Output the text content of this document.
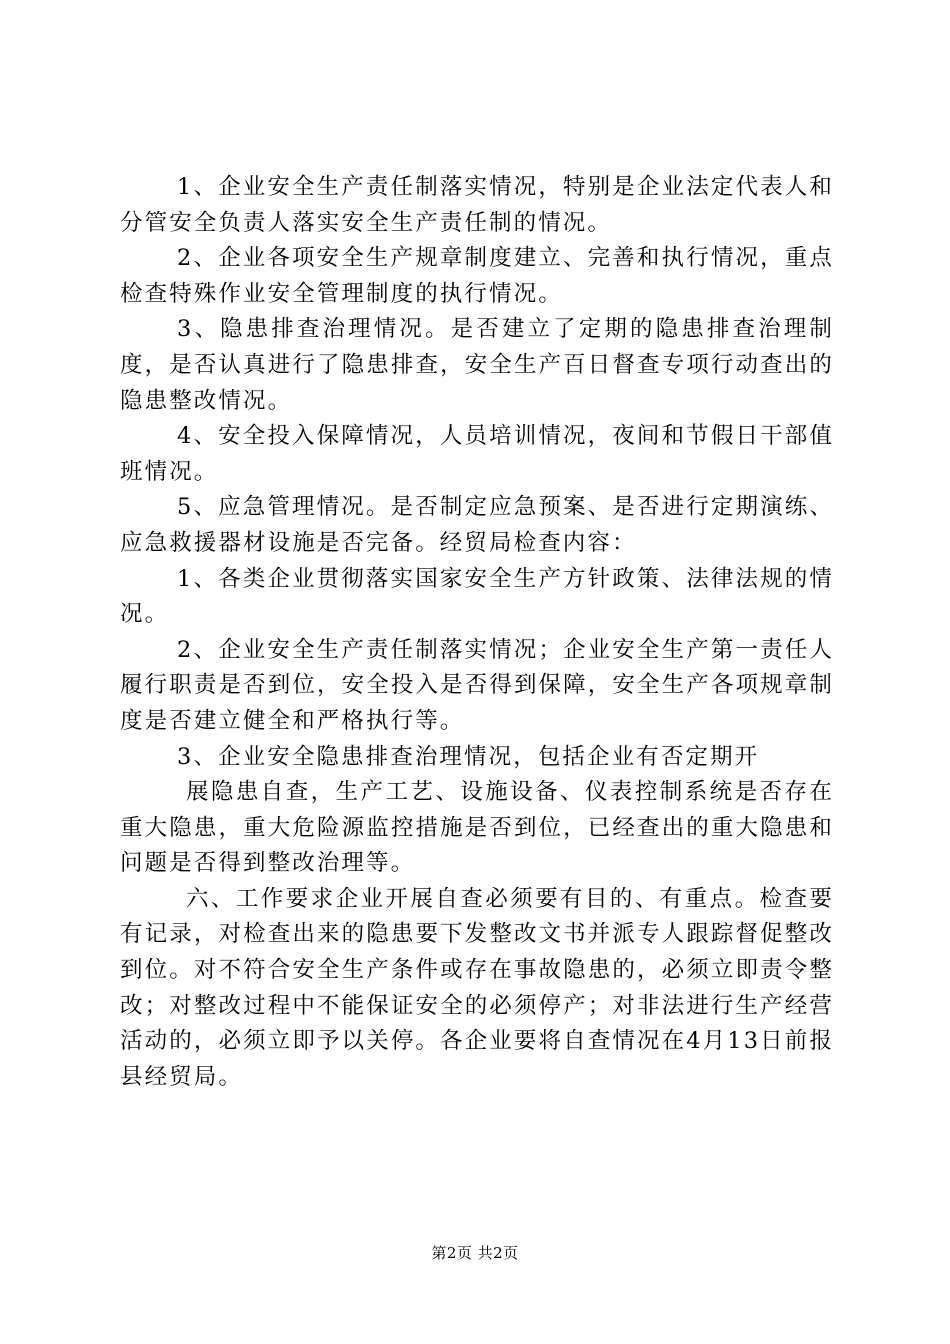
1、企业安全生产责任制落实情况，特别是企业法定代表人和分管安全负责人落实安全生产责任制的情况。

2、企业各项安全生产规章制度建立、完善和执行情况，重点检查特殊作业安全管理制度的执行情况。

3、隐患排查治理情况。是否建立了定期的隐患排查治理制度，是否认真进行了隐患排查，安全生产百日督查专项行动查出的隐患整改情况。

4、安全投入保障情况，人员培训情况，夜间和节假日干部值班情况。

5、应急管理情况。是否制定应急预案、是否进行定期演练、应急救援器材设施是否完备。经贸局检查内容：

1、各类企业贯彻落实国家安全生产方针政策、法律法规的情况。

2、企业安全生产责任制落实情况；企业安全生产第一责任人履行职责是否到位，安全投入是否得到保障，安全生产各项规章制度是否建立健全和严格执行等。

3、企业安全隐患排查治理情况，包括企业有否定期开

展隐患自查，生产工艺、设施设备、仪表控制系统是否存在重大隐患，重大危险源监控措施是否到位，已经查出的重大隐患和问题是否得到整改治理等。

六、工作要求企业开展自查必须要有目的、有重点。检查要有记录，对检查出来的隐患要下发整改文书并派专人跟踪督促整改到位。对不符合安全生产条件或存在事故隐患的，必须立即责令整改；对整改过程中不能保证安全的必须停产；对非法进行生产经营活动的，必须立即予以关停。各企业要将自查情况在4月13日前报县经贸局。

第2页 共2页
